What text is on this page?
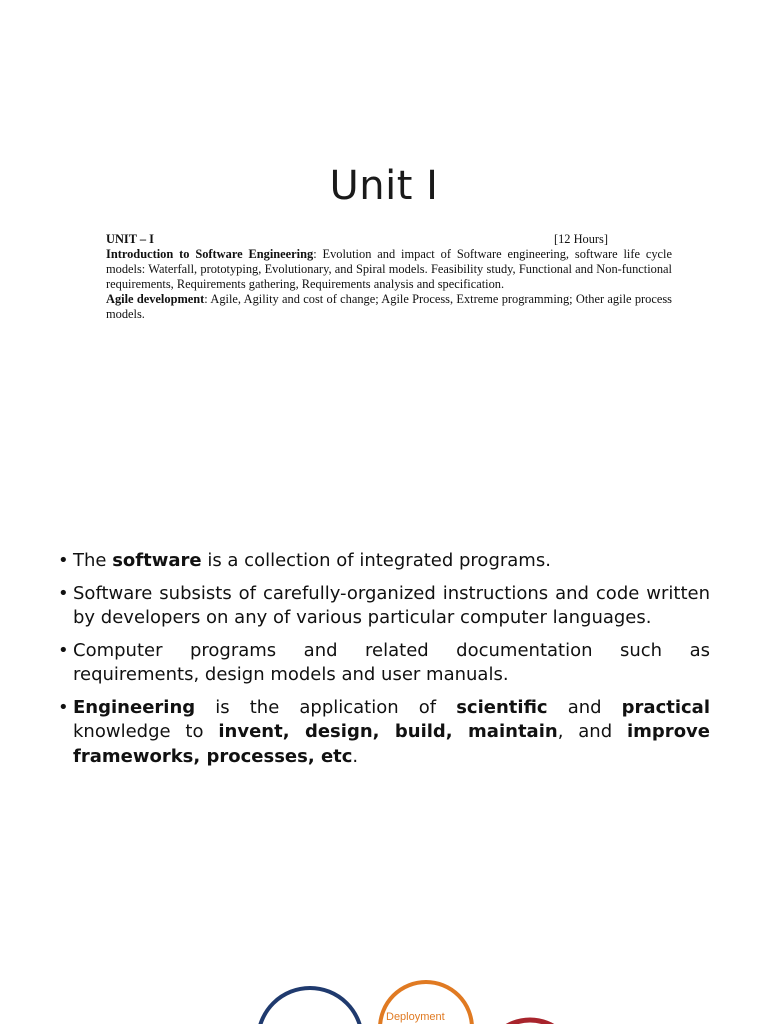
Unit I
UNIT – I	[12 Hours]
Introduction to Software Engineering: Evolution and impact of Software engineering, software life cycle models: Waterfall, prototyping, Evolutionary, and Spiral models. Feasibility study, Functional and Non-functional requirements, Requirements gathering, Requirements analysis and specification.
Agile development: Agile, Agility and cost of change; Agile Process, Extreme programming; Other agile process models.
• The software is a collection of integrated programs.
• Software subsists of carefully-organized instructions and code written by developers on any of various particular computer languages.
• Computer programs and related documentation such as requirements, design models and user manuals.
• Engineering is the application of scientific and practical knowledge to invent, design, build, maintain, and improve frameworks, processes, etc.
Deployment
